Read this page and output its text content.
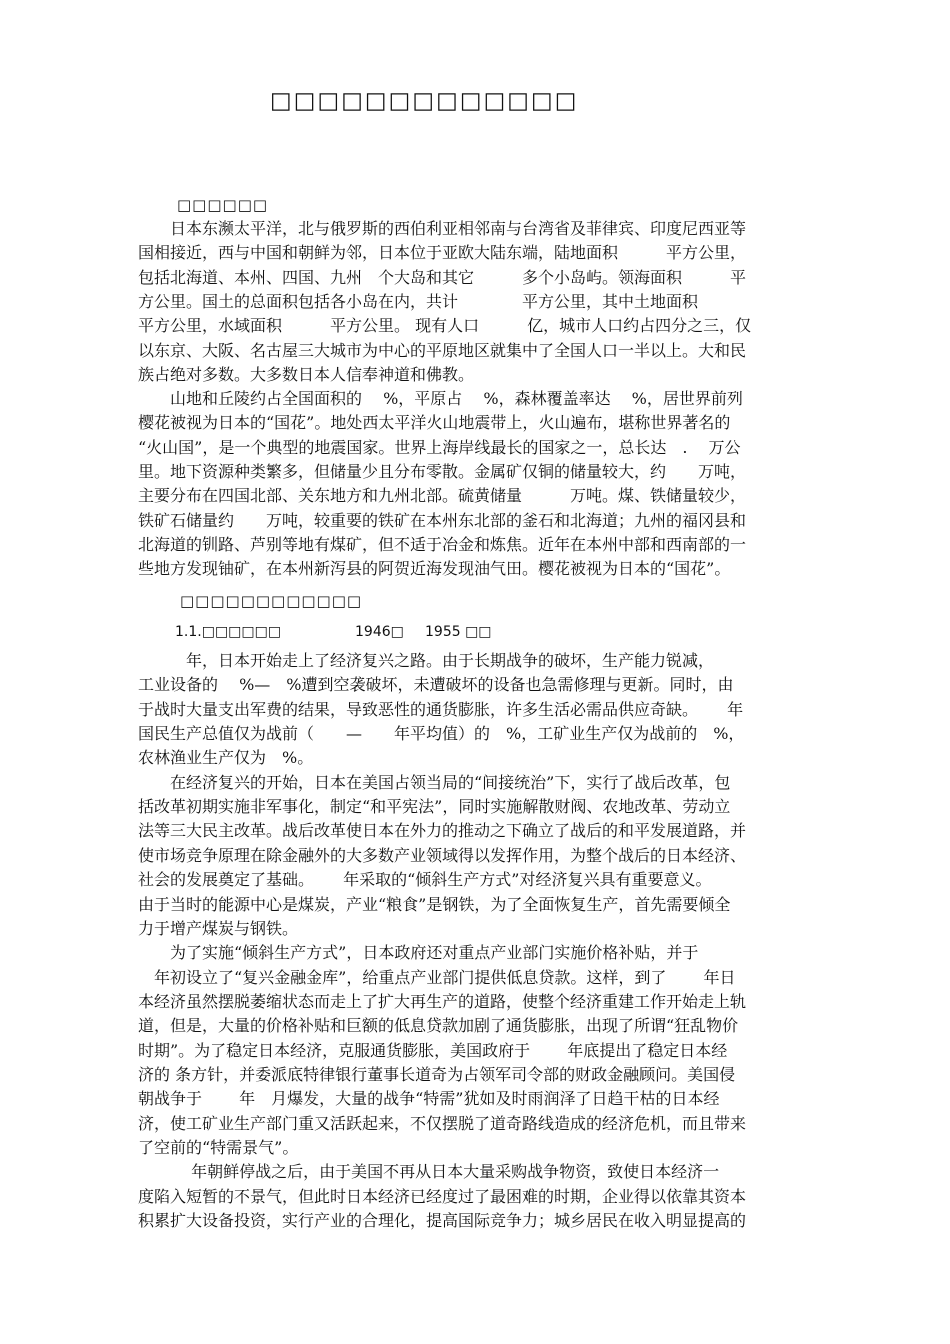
□□□□□□□□□□□□□
□□□□□□
　　日本东濒太平洋，北与俄罗斯的西伯利亚相邻南与台湾省及菲律宾、印度尼西亚等
国相接近，西与中国和朝鲜为邻，日本位于亚欧大陆东端，陆地面积　　　平方公里，
包括北海道、本州、四国、九州　个大岛和其它　　　多个小岛屿。领海面积　　　平
方公里。国土的总面积包括各小岛在内，共计　　　　平方公里，其中土地面积
平方公里，水域面积　　　平方公里。 现有人口　　　亿，城市人口约占四分之三，仅
以东京、大阪、名古屋三大城市为中心的平原地区就集中了全国人口一半以上。大和民
族占绝对多数。大多数日本人信奉神道和佛教。
　　山地和丘陵约占全国面积的　 %，平原占　 %，森林覆盖率达　 %，居世界前列
樱花被视为日本的“国花”。地处西太平洋火山地震带上，火山遍布，堪称世界著名的
“火山国”，是一个典型的地震国家。世界上海岸线最长的国家之一，总长达　.　 万公
里。地下资源种类繁多，但储量少且分布零散。金属矿仅铜的储量较大，约　　万吨，
主要分布在四国北部、关东地方和九州北部。硫黄储量　　　万吨。煤、铁储量较少，
铁矿石储量约　　万吨，较重要的铁矿在本州东北部的釜石和北海道；九州的福冈县和
北海道的钏路、芦别等地有煤矿，但不适于冶金和炼焦。近年在本州中部和西南部的一
些地方发现铀矿，在本州新泻县的阿贺近海发现油气田。樱花被视为日本的“国花”。
□□□□□□□□□□□□
1.1.□□□□□□	1946□ 1955 □□
　　　年，日本开始走上了经济复兴之路。由于长期战争的破坏，生产能力锐减，
工业设备的　 %—　%遭到空袭破坏，未遭破坏的设备也急需修理与更新。同时，由
于战时大量支出军费的结果，导致恶性的通货膨胀，许多生活必需品供应奇缺。　　 年
国民生产总值仅为战前（　　—　　年平均值）的　%，工矿业生产仅为战前的　%，
农林渔业生产仅为　%。
　　在经济复兴的开始，日本在美国占领当局的“间接统治”下，实行了战后改革，包
括改革初期实施非军事化，制定“和平宪法”，同时实施解散财阀、农地改革、劳动立
法等三大民主改革。战后改革使日本在外力的推动之下确立了战后的和平发展道路，并
使市场竞争原理在除金融外的大多数产业领域得以发挥作用，为整个战后的日本经济、
社会的发展奠定了基础。　　 年采取的“倾斜生产方式”对经济复兴具有重要意义。
由于当时的能源中心是煤炭，产业“粮食”是钢铁，为了全面恢复生产，首先需要倾全
力于增产煤炭与钢铁。
　　为了实施“倾斜生产方式”，日本政府还对重点产业部门实施价格补贴，并于
　年初设立了“复兴金融金库”，给重点产业部门提供低息贷款。这样，到了　　 年日
本经济虽然摆脱萎缩状态而走上了扩大再生产的道路，使整个经济重建工作开始走上轨
道，但是，大量的价格补贴和巨额的低息贷款加剧了通货膨胀，出现了所谓“狂乱物价
时期”。为了稳定日本经济，克服通货膨胀，美国政府于　　 年底提出了稳定日本经
济的 条方针，并委派底特律银行董事长道奇为占领军司令部的财政金融顾问。美国侵
朝战争于　　 年　月爆发，大量的战争“特需”犹如及时雨润泽了日趋干枯的日本经
济，使工矿业生产部门重又活跃起来，不仅摆脱了道奇路线造成的经济危机，而且带来
了空前的“特需景气”。
　　　 年朝鲜停战之后，由于美国不再从日本大量采购战争物资，致使日本经济一
度陷入短暂的不景气，但此时日本经济已经度过了最困难的时期，企业得以依靠其资本
积累扩大设备投资，实行产业的合理化，提高国际竞争力；城乡居民在收入明显提高的
